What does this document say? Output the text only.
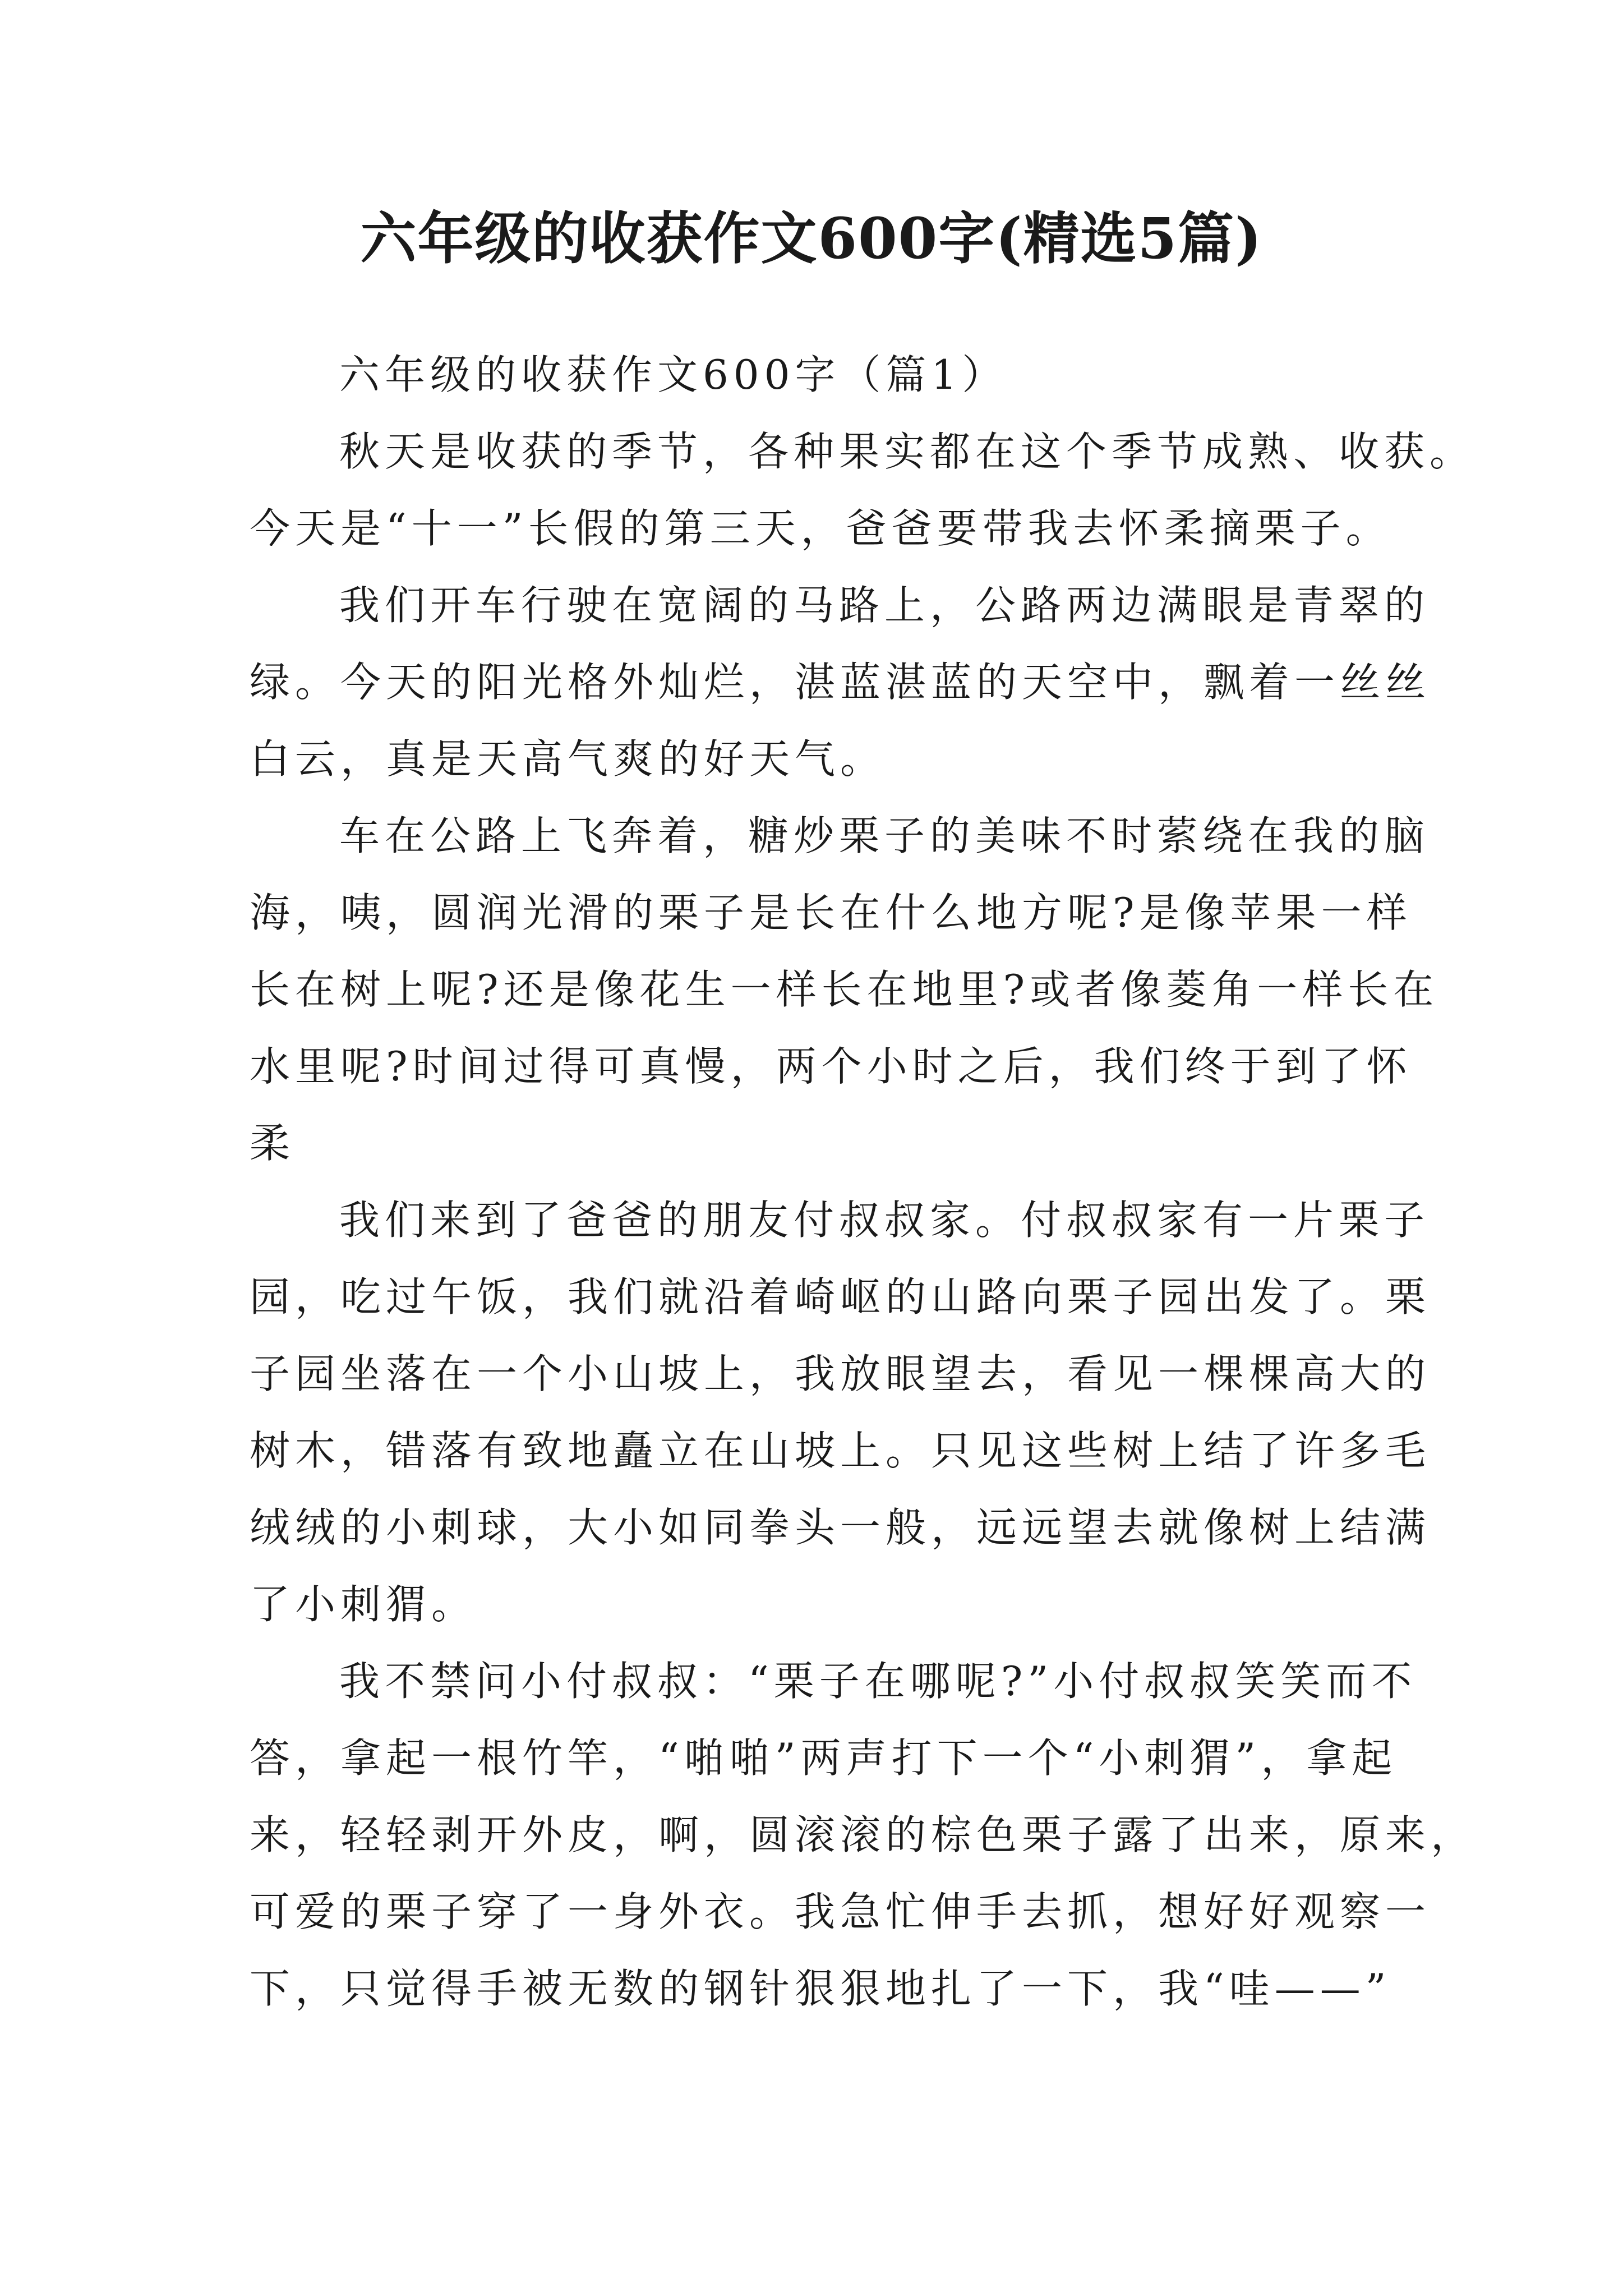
六年级的收获作文600字(精选5篇)
六年级的收获作文600字（篇1）
秋天是收获的季节，各种果实都在这个季节成熟、收获。
今天是“十一”长假的第三天，爸爸要带我去怀柔摘栗子。
我们开车行驶在宽阔的马路上，公路两边满眼是青翠的
绿。今天的阳光格外灿烂，湛蓝湛蓝的天空中，飘着一丝丝
白云，真是天高气爽的好天气。
车在公路上飞奔着，糖炒栗子的美味不时萦绕在我的脑
海，咦，圆润光滑的栗子是长在什么地方呢?是像苹果一样
长在树上呢?还是像花生一样长在地里?或者像菱角一样长在
水里呢?时间过得可真慢，两个小时之后，我们终于到了怀
柔
我们来到了爸爸的朋友付叔叔家。付叔叔家有一片栗子
园，吃过午饭，我们就沿着崎岖的山路向栗子园出发了。栗
子园坐落在一个小山坡上，我放眼望去，看见一棵棵高大的
树木，错落有致地矗立在山坡上。只见这些树上结了许多毛
绒绒的小刺球，大小如同拳头一般，远远望去就像树上结满
了小刺猬。
我不禁问小付叔叔：“栗子在哪呢?”小付叔叔笑笑而不
答，拿起一根竹竿，“啪啪”两声打下一个“小刺猬”，拿起
来，轻轻剥开外皮，啊，圆滚滚的棕色栗子露了出来，原来，
可爱的栗子穿了一身外衣。我急忙伸手去抓，想好好观察一
下，只觉得手被无数的钢针狠狠地扎了一下，我“哇——”
